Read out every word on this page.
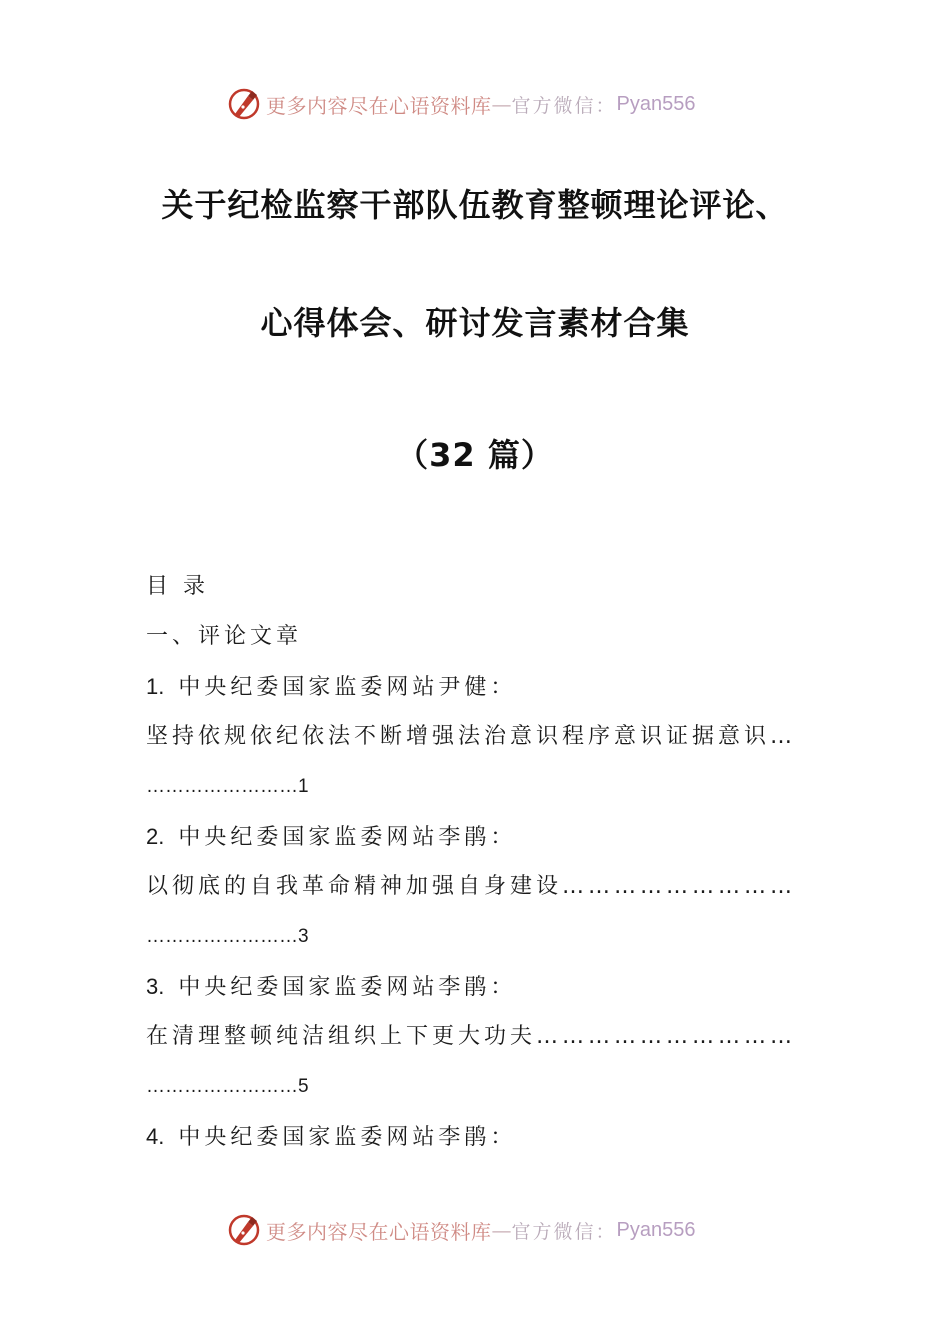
更多内容尽在心语资料库 — 官方微信： Pyan556
关于纪检监察干部队伍教育整顿理论评论、
心得体会、研讨发言素材合集
（32 篇）
目 录
一、评论文章
1. 中央纪委国家监委网站尹健：
坚持依规依纪依法不断增强法治意识程序意识证据意识…
……………………1
2. 中央纪委国家监委网站李鹃：
以彻底的自我革命精神加强自身建设………………………
……………………3
3. 中央纪委国家监委网站李鹃：
在清理整顿纯洁组织上下更大功夫…………………………
……………………5
4. 中央纪委国家监委网站李鹃：
更多内容尽在心语资料库 — 官方微信： Pyan556
